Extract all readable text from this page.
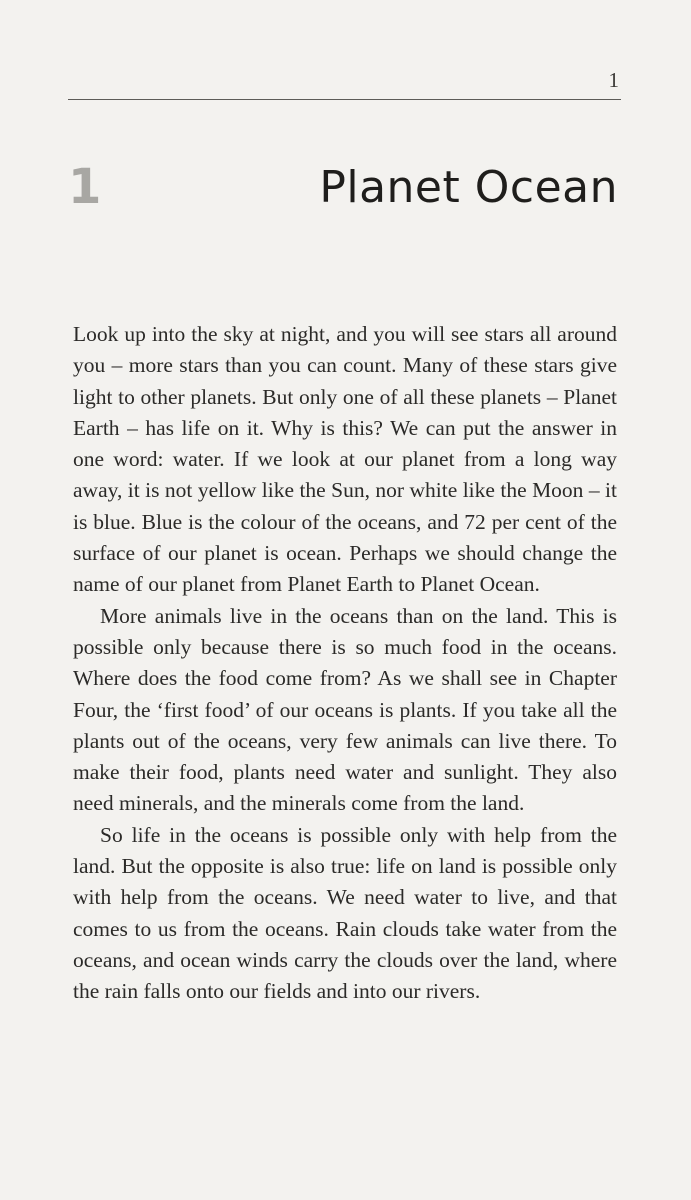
1
1	Planet Ocean

Look up into the sky at night, and you will see stars all around you – more stars than you can count. Many of these stars give light to other planets. But only one of all these planets – Planet Earth – has life on it. Why is this? We can put the answer in one word: water. If we look at our planet from a long way away, it is not yellow like the Sun, nor white like the Moon – it is blue. Blue is the colour of the oceans, and 72 per cent of the surface of our planet is ocean. Perhaps we should change the name of our planet from Planet Earth to Planet Ocean.

More animals live in the oceans than on the land. This is possible only because there is so much food in the oceans. Where does the food come from? As we shall see in Chapter Four, the ‘first food’ of our oceans is plants. If you take all the plants out of the oceans, very few animals can live there. To make their food, plants need water and sunlight. They also need minerals, and the minerals come from the land.

So life in the oceans is possible only with help from the land. But the opposite is also true: life on land is possible only with help from the oceans. We need water to live, and that comes to us from the oceans. Rain clouds take water from the oceans, and ocean winds carry the clouds over the land, where the rain falls onto our fields and into our rivers.
